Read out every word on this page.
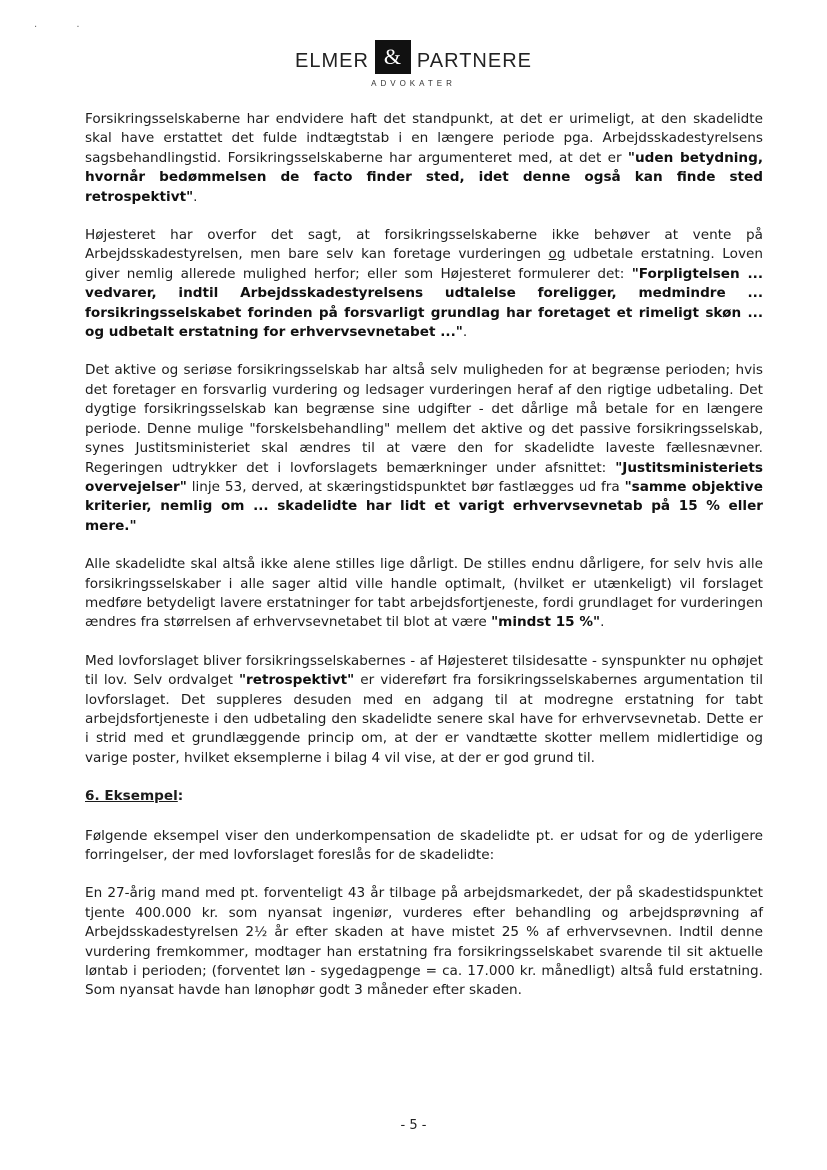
· ·
ELMER & PARTNERE
ADVOKATER

Forsikringsselskaberne har endvidere haft det standpunkt, at det er urimeligt, at den skadelidte skal have erstattet det fulde indtægtstab i en længere periode pga. Arbejdsskadestyrelsens sagsbehandlingstid. Forsikringsselskaberne har argumenteret med, at det er "uden betydning, hvornår bedømmelsen de facto finder sted, idet denne også kan finde sted retrospektivt".

Højesteret har overfor det sagt, at forsikringsselskaberne ikke behøver at vente på Arbejdsskadestyrelsen, men bare selv kan foretage vurderingen og udbetale erstatning. Loven giver nemlig allerede mulighed herfor; eller som Højesteret formulerer det: "Forpligtelsen ... vedvarer, indtil Arbejdsskadestyrelsens udtalelse foreligger, medmindre ... forsikringsselskabet forinden på forsvarligt grundlag har foretaget et rimeligt skøn ... og udbetalt erstatning for erhvervsevnetabet ...".

Det aktive og seriøse forsikringsselskab har altså selv muligheden for at begrænse perioden; hvis det foretager en forsvarlig vurdering og ledsager vurderingen heraf af den rigtige udbetaling. Det dygtige forsikringsselskab kan begrænse sine udgifter - det dårlige må betale for en længere periode. Denne mulige "forskelsbehandling" mellem det aktive og det passive forsikringsselskab, synes Justitsministeriet skal ændres til at være den for skadelidte laveste fællesnævner. Regeringen udtrykker det i lovforslagets bemærkninger under afsnittet: "Justitsministeriets overvejelser" linje 53, derved, at skæringstidspunktet bør fastlægges ud fra "samme objektive kriterier, nemlig om ... skadelidte har lidt et varigt erhvervsevnetab på 15 % eller mere."

Alle skadelidte skal altså ikke alene stilles lige dårligt. De stilles endnu dårligere, for selv hvis alle forsikringsselskaber i alle sager altid ville handle optimalt, (hvilket er utænkeligt) vil forslaget medføre betydeligt lavere erstatninger for tabt arbejdsfortjeneste, fordi grundlaget for vurderingen ændres fra størrelsen af erhvervsevnetabet til blot at være "mindst 15 %".

Med lovforslaget bliver forsikringsselskabernes - af Højesteret tilsidesatte - synspunkter nu ophøjet til lov. Selv ordvalget "retrospektivt" er videreført fra forsikringsselskabernes argumentation til lovforslaget. Det suppleres desuden med en adgang til at modregne erstatning for tabt arbejdsfortjeneste i den udbetaling den skadelidte senere skal have for erhvervsevnetab. Dette er i strid med et grundlæggende princip om, at der er vandtætte skotter mellem midlertidige og varige poster, hvilket eksemplerne i bilag 4 vil vise, at der er god grund til.

6. Eksempel:

Følgende eksempel viser den underkompensation de skadelidte pt. er udsat for og de yderligere forringelser, der med lovforslaget foreslås for de skadelidte:

En 27-årig mand med pt. forventeligt 43 år tilbage på arbejdsmarkedet, der på skadestidspunktet tjente 400.000 kr. som nyansat ingeniør, vurderes efter behandling og arbejdsprøvning af Arbejdsskadestyrelsen 2½ år efter skaden at have mistet 25 % af erhvervsevnen. Indtil denne vurdering fremkommer, modtager han erstatning fra forsikringsselskabet svarende til sit aktuelle løntab i perioden; (forventet løn - sygedagpenge = ca. 17.000 kr. månedligt) altså fuld erstatning. Som nyansat havde han lønophør godt 3 måneder efter skaden.

- 5 -
